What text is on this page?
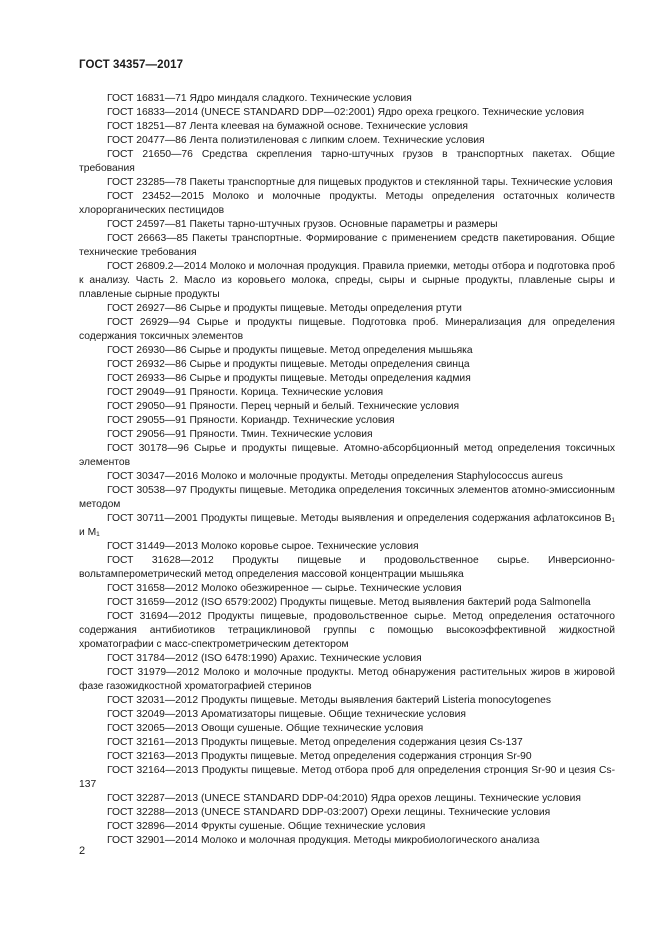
ГОСТ 34357—2017

ГОСТ 16831—71 Ядро миндаля сладкого. Технические условия

ГОСТ 16833—2014 (UNECE STANDARD DDP—02:2001) Ядро ореха грецкого. Технические условия

ГОСТ 18251—87 Лента клеевая на бумажной основе. Технические условия

ГОСТ 20477—86 Лента полиэтиленовая с липким слоем. Технические условия

ГОСТ 21650—76 Средства скрепления тарно-штучных грузов в транспортных пакетах. Общие требования

ГОСТ 23285—78 Пакеты транспортные для пищевых продуктов и стеклянной тары. Технические условия

ГОСТ 23452—2015 Молоко и молочные продукты. Методы определения остаточных количеств хлорорганических пестицидов

ГОСТ 24597—81 Пакеты тарно-штучных грузов. Основные параметры и размеры

ГОСТ 26663—85 Пакеты транспортные. Формирование с применением средств пакетирования. Общие технические требования

ГОСТ 26809.2—2014 Молоко и молочная продукция. Правила приемки, методы отбора и подготовка проб к анализу. Часть 2. Масло из коровьего молока, спреды, сыры и сырные продукты, плавленые сыры и плавленые сырные продукты

ГОСТ 26927—86 Сырье и продукты пищевые. Методы определения ртути

ГОСТ 26929—94 Сырье и продукты пищевые. Подготовка проб. Минерализация для определения содержания токсичных элементов

ГОСТ 26930—86 Сырье и продукты пищевые. Метод определения мышьяка

ГОСТ 26932—86 Сырье и продукты пищевые. Методы определения свинца

ГОСТ 26933—86 Сырье и продукты пищевые. Методы определения кадмия

ГОСТ 29049—91 Пряности. Корица. Технические условия

ГОСТ 29050—91 Пряности. Перец черный и белый. Технические условия

ГОСТ 29055—91 Пряности. Кориандр. Технические условия

ГОСТ 29056—91 Пряности. Тмин. Технические условия

ГОСТ 30178—96 Сырье и продукты пищевые. Атомно-абсорбционный метод определения токсичных элементов

ГОСТ 30347—2016 Молоко и молочные продукты. Методы определения Staphylococcus aureus

ГОСТ 30538—97 Продукты пищевые. Методика определения токсичных элементов атомно-эмиссионным методом

ГОСТ 30711—2001 Продукты пищевые. Методы выявления и определения содержания афлатоксинов B₁ и M₁

ГОСТ 31449—2013 Молоко коровье сырое. Технические условия

ГОСТ 31628—2012 Продукты пищевые и продовольственное сырье. Инверсионно-вольтамперометрический метод определения массовой концентрации мышьяка

ГОСТ 31658—2012 Молоко обезжиренное — сырье. Технические условия

ГОСТ 31659—2012 (ISO 6579:2002) Продукты пищевые. Метод выявления бактерий рода Salmonella

ГОСТ 31694—2012 Продукты пищевые, продовольственное сырье. Метод определения остаточного содержания антибиотиков тетрациклиновой группы с помощью высокоэффективной жидкостной хроматографии с масс-спектрометрическим детектором

ГОСТ 31784—2012 (ISO 6478:1990) Арахис. Технические условия

ГОСТ 31979—2012 Молоко и молочные продукты. Метод обнаружения растительных жиров в жировой фазе газожидкостной хроматографией стеринов

ГОСТ 32031—2012 Продукты пищевые. Методы выявления бактерий Listeria monocytogenes

ГОСТ 32049—2013 Ароматизаторы пищевые. Общие технические условия

ГОСТ 32065—2013 Овощи сушеные. Общие технические условия

ГОСТ 32161—2013 Продукты пищевые. Метод определения содержания цезия Cs-137

ГОСТ 32163—2013 Продукты пищевые. Метод определения содержания стронция Sr-90

ГОСТ 32164—2013 Продукты пищевые. Метод отбора проб для определения стронция Sr-90 и цезия Cs-137

ГОСТ 32287—2013 (UNECE STANDARD DDP-04:2010) Ядра орехов лещины. Технические условия

ГОСТ 32288—2013 (UNECE STANDARD DDP-03:2007) Орехи лещины. Технические условия

ГОСТ 32896—2014 Фрукты сушеные. Общие технические условия

ГОСТ 32901—2014 Молоко и молочная продукция. Методы микробиологического анализа

2
